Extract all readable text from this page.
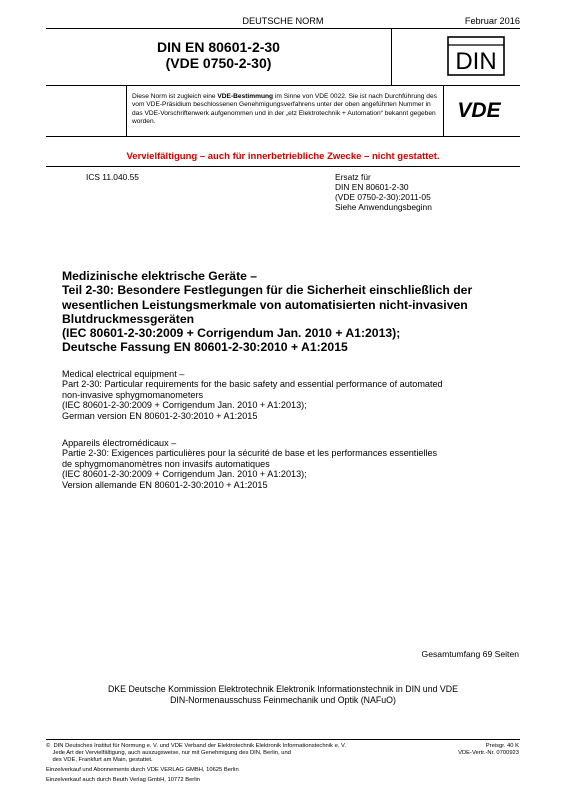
DEUTSCHE NORM	Februar 2016
DIN EN 80601-2-30
(VDE 0750-2-30)	DIN
Diese Norm ist zugleich eine VDE-Bestimmung im Sinne von VDE 0022. Sie ist nach Durchführung des vom VDE-Präsidium beschlossenen Genehmigungsverfahrens unter der oben angeführten Nummer in das VDE-Vorschriftenwerk aufgenommen und in der „etz Elektrotechnik + Automation“ bekannt gegeben worden.	VDE
Vervielfältigung – auch für innerbetriebliche Zwecke – nicht gestattet.
ICS 11.040.55	Ersatz für
DIN EN 80601-2-30
(VDE 0750-2-30):2011-05
Siehe Anwendungsbeginn
Medizinische elektrische Geräte –
Teil 2-30: Besondere Festlegungen für die Sicherheit einschließlich der
wesentlichen Leistungsmerkmale von automatisierten nicht-invasiven
Blutdruckmessgeräten
(IEC 80601-2-30:2009 + Corrigendum Jan. 2010 + A1:2013);
Deutsche Fassung EN 80601-2-30:2010 + A1:2015
Medical electrical equipment –
Part 2-30: Particular requirements for the basic safety and essential performance of automated
non-invasive sphygmomanometers
(IEC 80601-2-30:2009 + Corrigendum Jan. 2010 + A1:2013);
German version EN 80601-2-30:2010 + A1:2015
Appareils électromédicaux –
Partie 2-30: Exigences particulières pour la sécurité de base et les performances essentielles
de sphygmomanomètres non invasifs automatiques
(IEC 80601-2-30:2009 + Corrigendum Jan. 2010 + A1:2013);
Version allemande EN 80601-2-30:2010 + A1:2015
Gesamtumfang 69 Seiten
DKE Deutsche Kommission Elektrotechnik Elektronik Informationstechnik in DIN und VDE
DIN-Normenausschuss Feinmechanik und Optik (NAFuO)
©  DIN Deutsches Institut für Normung e. V. und VDE Verband der Elektrotechnik Elektronik Informationstechnik e. V.
Jede Art der Vervielfältigung, auch auszugsweise, nur mit Genehmigung des DIN, Berlin, und
des VDE, Frankfurt am Main, gestattet.
Preisgr. 40 K
VDE-Vertr.-Nr. 0700923
Einzelverkauf und Abonnements durch VDE VERLAG GMBH, 10625 Berlin
Einzelverkauf auch durch Beuth Verlag GmbH, 10772 Berlin
